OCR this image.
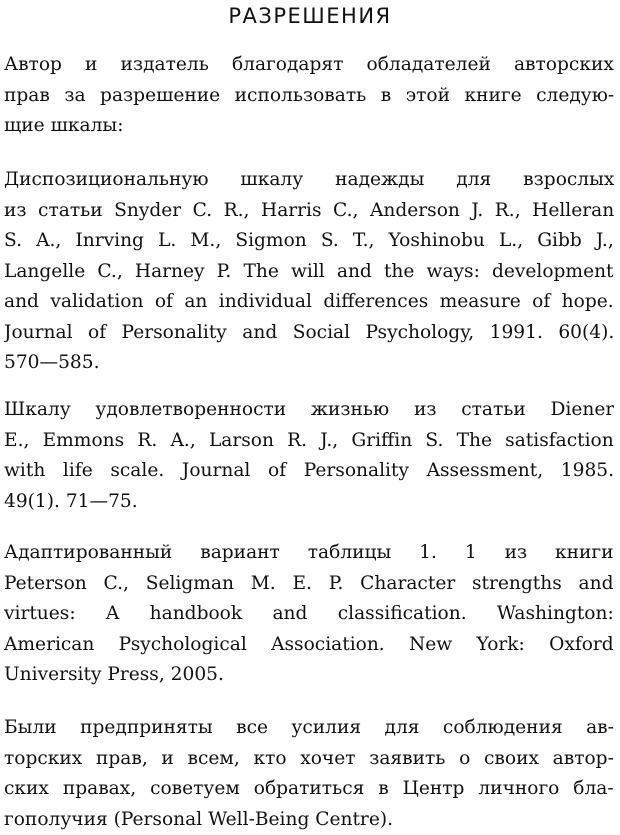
РАЗРЕШЕНИЯ

Автор и издатель благодарят обладателей авторских
прав за разрешение использовать в этой книге следую-
щие шкалы:

Диспозициональную шкалу надежды для взрослых
из статьи Snyder C. R., Harris C., Anderson J. R., Helleran
S. A., Inrving L. M., Sigmon S. T., Yoshinobu L., Gibb J.,
Langelle C., Harney P. The will and the ways: development
and validation of an individual differences measure of hope.
Journal of Personality and Social Psychology, 1991. 60(4).
570—585.

Шкалу удовлетворенности жизнью из статьи Diener
E., Emmons R. A., Larson R. J., Griffin S. The satisfaction
with life scale. Journal of Personality Assessment, 1985.
49(1). 71—75.

Адаптированный вариант таблицы 1. 1 из книги
Peterson C., Seligman M. E. P. Character strengths and
virtues: A handbook and classification. Washington:
American Psychological Association. New York: Oxford
University Press, 2005.

Были предприняты все усилия для соблюдения ав-
торских прав, и всем, кто хочет заявить о своих автор-
ских правах, советуем обратиться в Центр личного бла-
гополучия (Personal Well-Being Centre).
